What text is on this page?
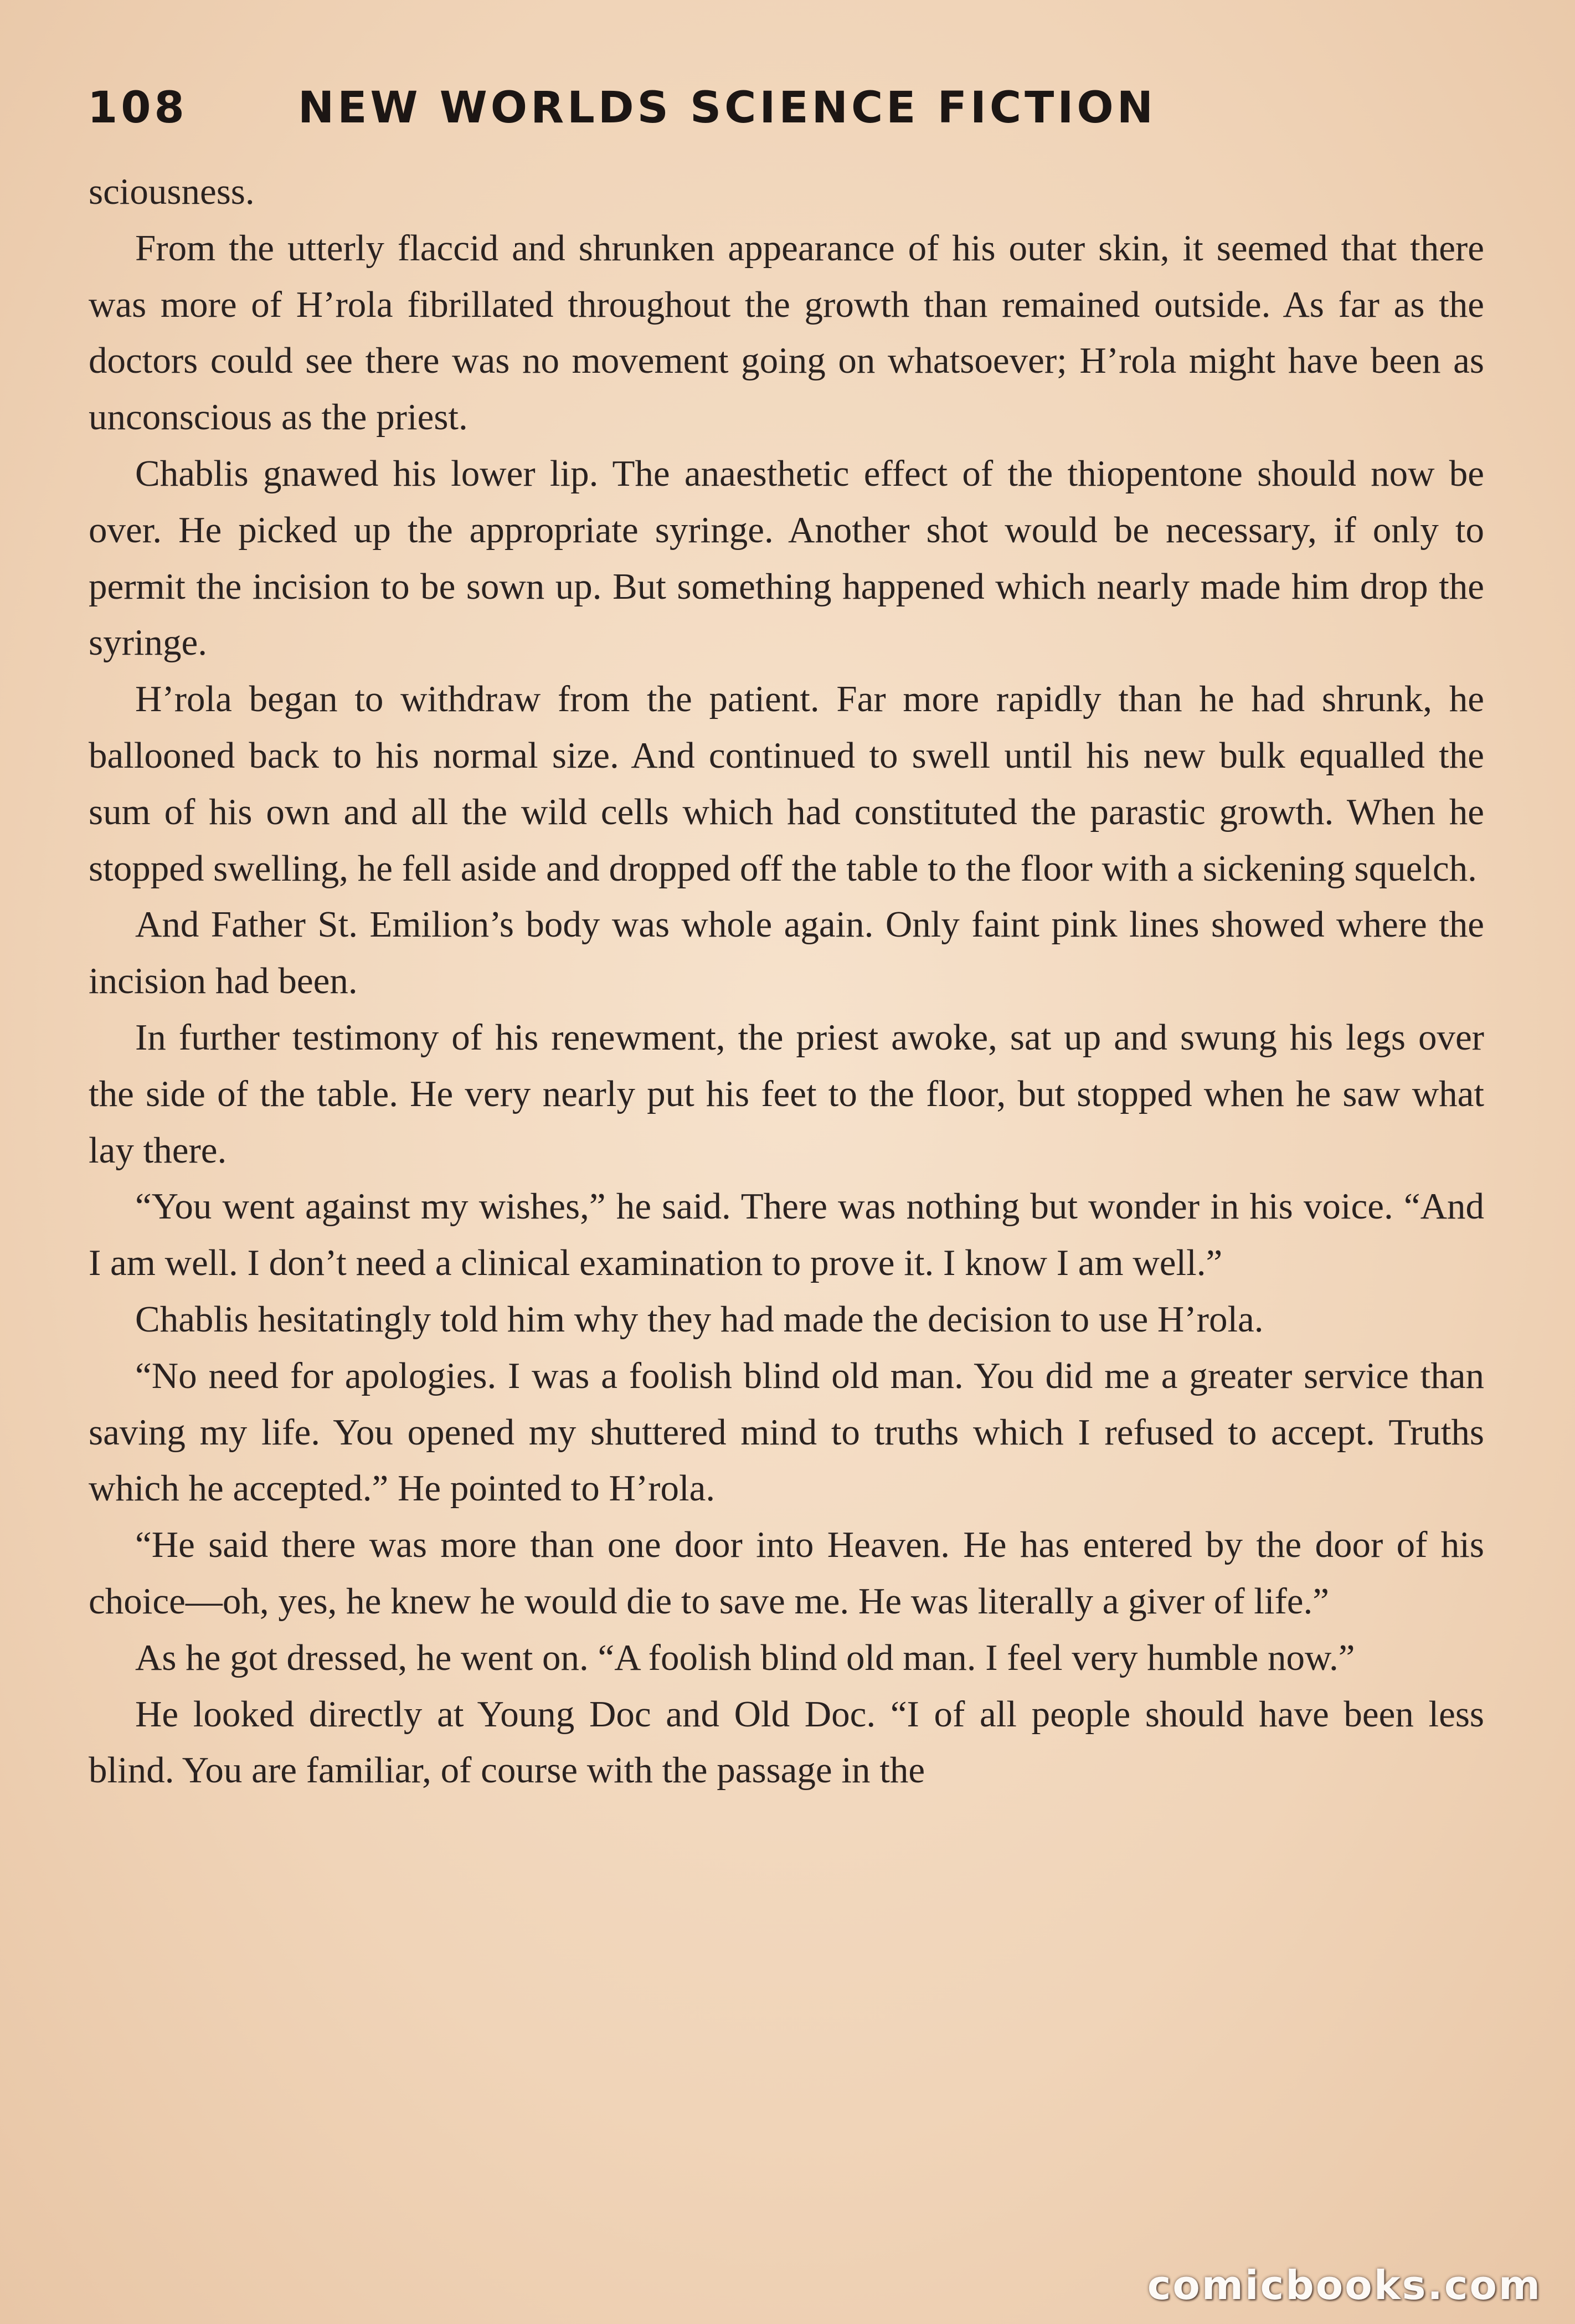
108	NEW WORLDS SCIENCE FICTION

sciousness.

From the utterly flaccid and shrunken appearance of his outer skin, it seemed that there was more of H’rola fibrillated throughout the growth than remained outside. As far as the doctors could see there was no movement going on whatsoever; H’rola might have been as unconscious as the priest.

Chablis gnawed his lower lip. The anaesthetic effect of the thiopentone should now be over. He picked up the appropriate syringe. Another shot would be necessary, if only to permit the incision to be sown up. But something happened which nearly made him drop the syringe.

H’rola began to withdraw from the patient. Far more rapidly than he had shrunk, he ballooned back to his normal size. And continued to swell until his new bulk equalled the sum of his own and all the wild cells which had constituted the parastic growth. When he stopped swelling, he fell aside and dropped off the table to the floor with a sickening squelch.

And Father St. Emilion’s body was whole again. Only faint pink lines showed where the incision had been.

In further testimony of his renewment, the priest awoke, sat up and swung his legs over the side of the table. He very nearly put his feet to the floor, but stopped when he saw what lay there.

“You went against my wishes,” he said. There was nothing but wonder in his voice. “And I am well. I don’t need a clinical examination to prove it. I know I am well.”

Chablis hesitatingly told him why they had made the decision to use H’rola.

“No need for apologies. I was a foolish blind old man. You did me a greater service than saving my life. You opened my shuttered mind to truths which I refused to accept. Truths which he accepted.” He pointed to H’rola.

“He said there was more than one door into Heaven. He has entered by the door of his choice—oh, yes, he knew he would die to save me. He was literally a giver of life.”

As he got dressed, he went on. “A foolish blind old man. I feel very humble now.”

He looked directly at Young Doc and Old Doc. “I of all people should have been less blind. You are familiar, of course with the passage in the

comicbooks.com
